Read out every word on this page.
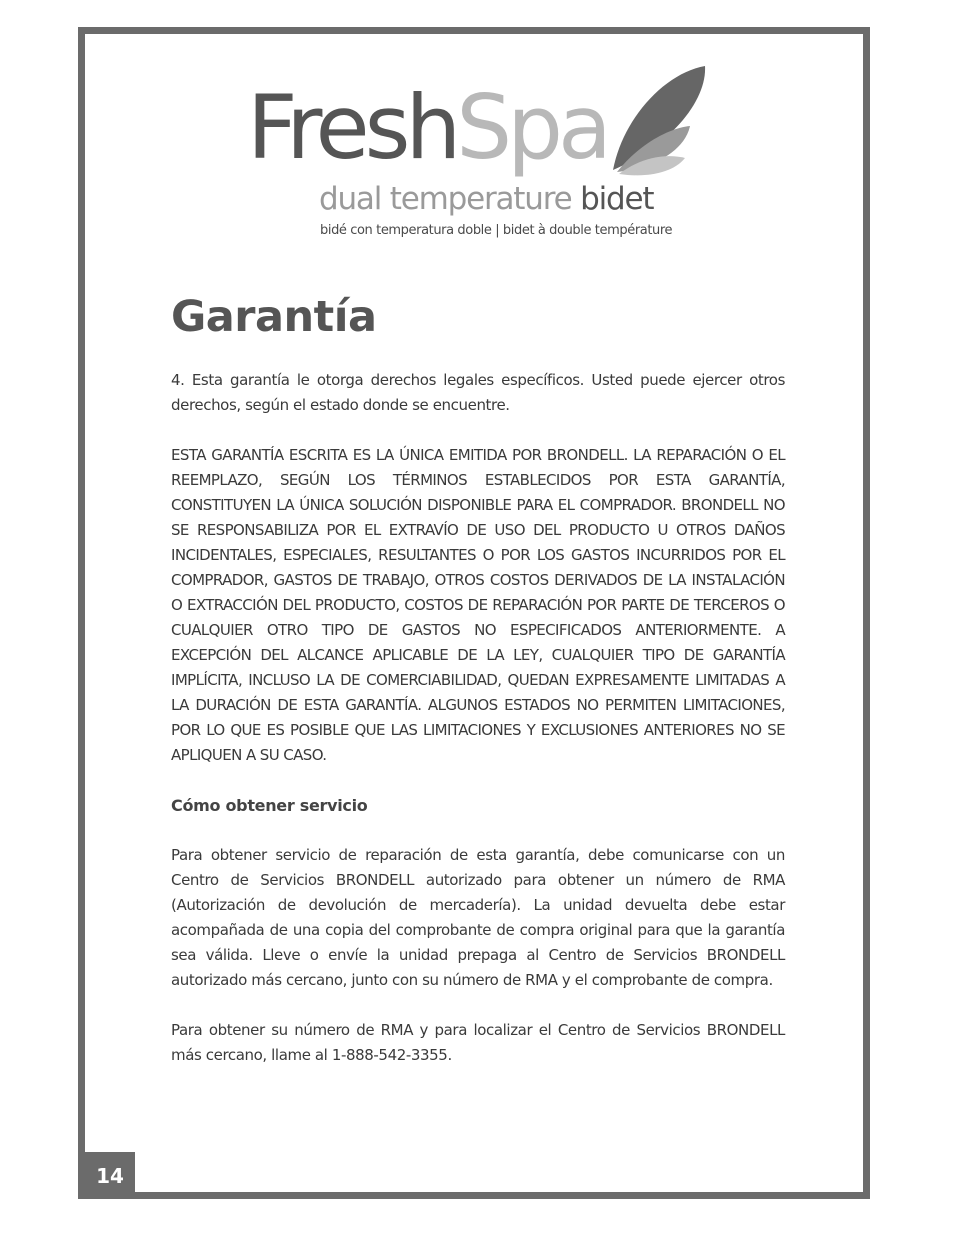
FreshSpa
dual temperature bidet
bidé con temperatura doble | bidet à double température
Garantía

4. Esta garantía le otorga derechos legales específicos. Usted puede ejercer otros derechos, según el estado donde se encuentre.

ESTA GARANTÍA ESCRITA ES LA ÚNICA EMITIDA POR BRONDELL. LA REPARACIÓN O EL REEMPLAZO, SEGÚN LOS TÉRMINOS ESTABLECIDOS POR ESTA GARANTÍA, CONSTITUYEN LA ÚNICA SOLUCIÓN DISPONIBLE PARA EL COMPRADOR. BRONDELL NO SE RESPONSABILIZA POR EL EXTRAVÍO DE USO DEL PRODUCTO U OTROS DAÑOS INCIDENTALES, ESPECIALES, RESULTANTES O POR LOS GASTOS INCURRIDOS POR EL COMPRADOR, GASTOS DE TRABAJO, OTROS COSTOS DERIVADOS DE LA INSTALACIÓN O EXTRACCIÓN DEL PRODUCTO, COSTOS DE REPARACIÓN POR PARTE DE TERCEROS O CUALQUIER OTRO TIPO DE GASTOS NO ESPECIFICADOS ANTERIORMENTE. A EXCEPCIÓN DEL ALCANCE APLICABLE DE LA LEY, CUALQUIER TIPO DE GARANTÍA IMPLÍCITA, INCLUSO LA DE COMERCIABILIDAD, QUEDAN EXPRESAMENTE LIMITADAS A LA DURACIÓN DE ESTA GARANTÍA. ALGUNOS ESTADOS NO PERMITEN LIMITACIONES, POR LO QUE ES POSIBLE QUE LAS LIMITACIONES Y EXCLUSIONES ANTERIORES NO SE APLIQUEN A SU CASO.

Cómo obtener servicio

Para obtener servicio de reparación de esta garantía, debe comunicarse con un Centro de Servicios BRONDELL autorizado para obtener un número de RMA (Autorización de devolución de mercadería). La unidad devuelta debe estar acompañada de una copia del comprobante de compra original para que la garantía sea válida. Lleve o envíe la unidad prepaga al Centro de Servicios BRONDELL autorizado más cercano, junto con su número de RMA y el comprobante de compra.

Para obtener su número de RMA y para localizar el Centro de Servicios BRONDELL más cercano, llame al 1-888-542-3355.

14
